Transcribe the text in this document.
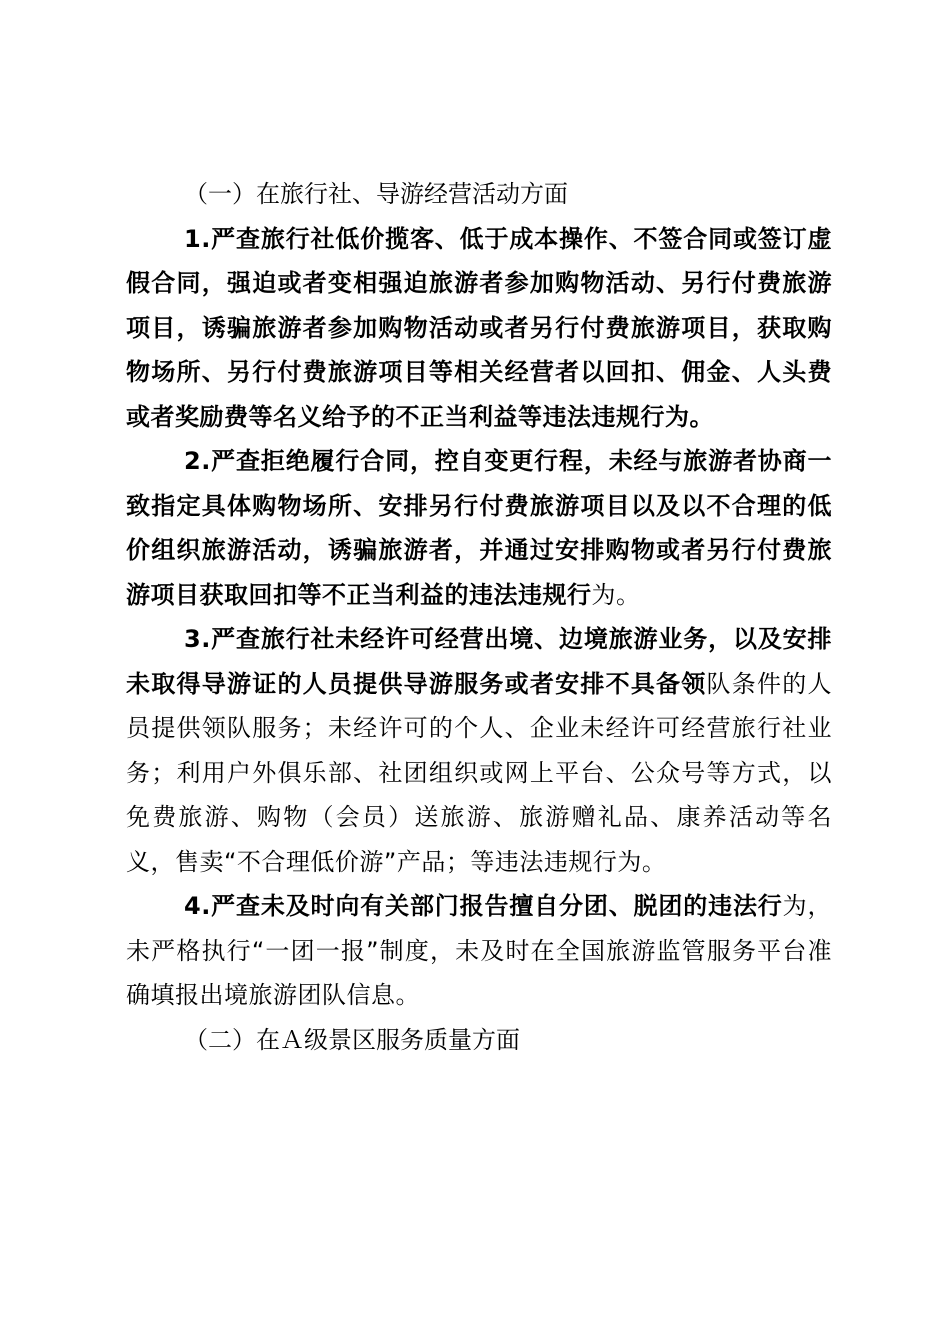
（一）在旅行社、导游经营活动方面

1.严查旅行社低价揽客、低于成本操作、不签合同或签订虚假合同，强迫或者变相强迫旅游者参加购物活动、另行付费旅游项目，诱骗旅游者参加购物活动或者另行付费旅游项目，获取购物场所、另行付费旅游项目等相关经营者以回扣、佣金、人头费或者奖励费等名义给予的不正当利益等违法违规行为。

2.严查拒绝履行合同，控自变更行程，未经与旅游者协商一致指定具体购物场所、安排另行付费旅游项目以及以不合理的低价组织旅游活动，诱骗旅游者，并通过安排购物或者另行付费旅游项目获取回扣等不正当利益的违法违规行为。

3.严查旅行社未经许可经营出境、边境旅游业务，以及安排未取得导游证的人员提供导游服务或者安排不具备领队条件的人员提供领队服务；未经许可的个人、企业未经许可经营旅行社业务；利用户外俱乐部、社团组织或网上平台、公众号等方式，以免费旅游、购物（会员）送旅游、旅游赠礼品、康养活动等名义，售卖“不合理低价游”产品；等违法违规行为。

4.严查未及时向有关部门报告擅自分团、脱团的违法行为，未严格执行“一团一报”制度，未及时在全国旅游监管服务平台准确填报出境旅游团队信息。

（二）在Ａ级景区服务质量方面
